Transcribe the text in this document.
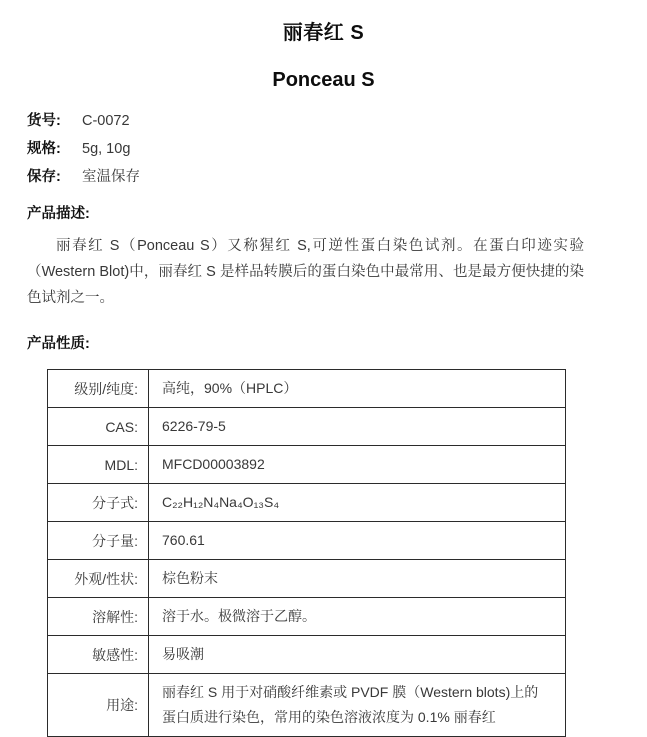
丽春红 S
Ponceau S
货号:	C-0072
规格:	5g, 10g
保存:	室温保存
产品描述:
丽春红 S（Ponceau S）又称猩红 S,可逆性蛋白染色试剂。在蛋白印迹实验（Western Blot)中，丽春红 S 是样品转膜后的蛋白染色中最常用、也是最方便快捷的染色试剂之一。
产品性质:
级别/纯度:	高纯，90%（HPLC）
CAS:	6226-79-5
MDL:	MFCD00003892
分子式:	C₂₂H₁₂N₄Na₄O₁₃S₄
分子量:	760.61
外观/性状:	棕色粉末
溶解性:	溶于水。极微溶于乙醇。
敏感性:	易吸潮
用途:	丽春红 S 用于对硝酸纤维素或 PVDF 膜（Western blots)上的蛋白质进行染色，常用的染色溶液浓度为 0.1% 丽春红
